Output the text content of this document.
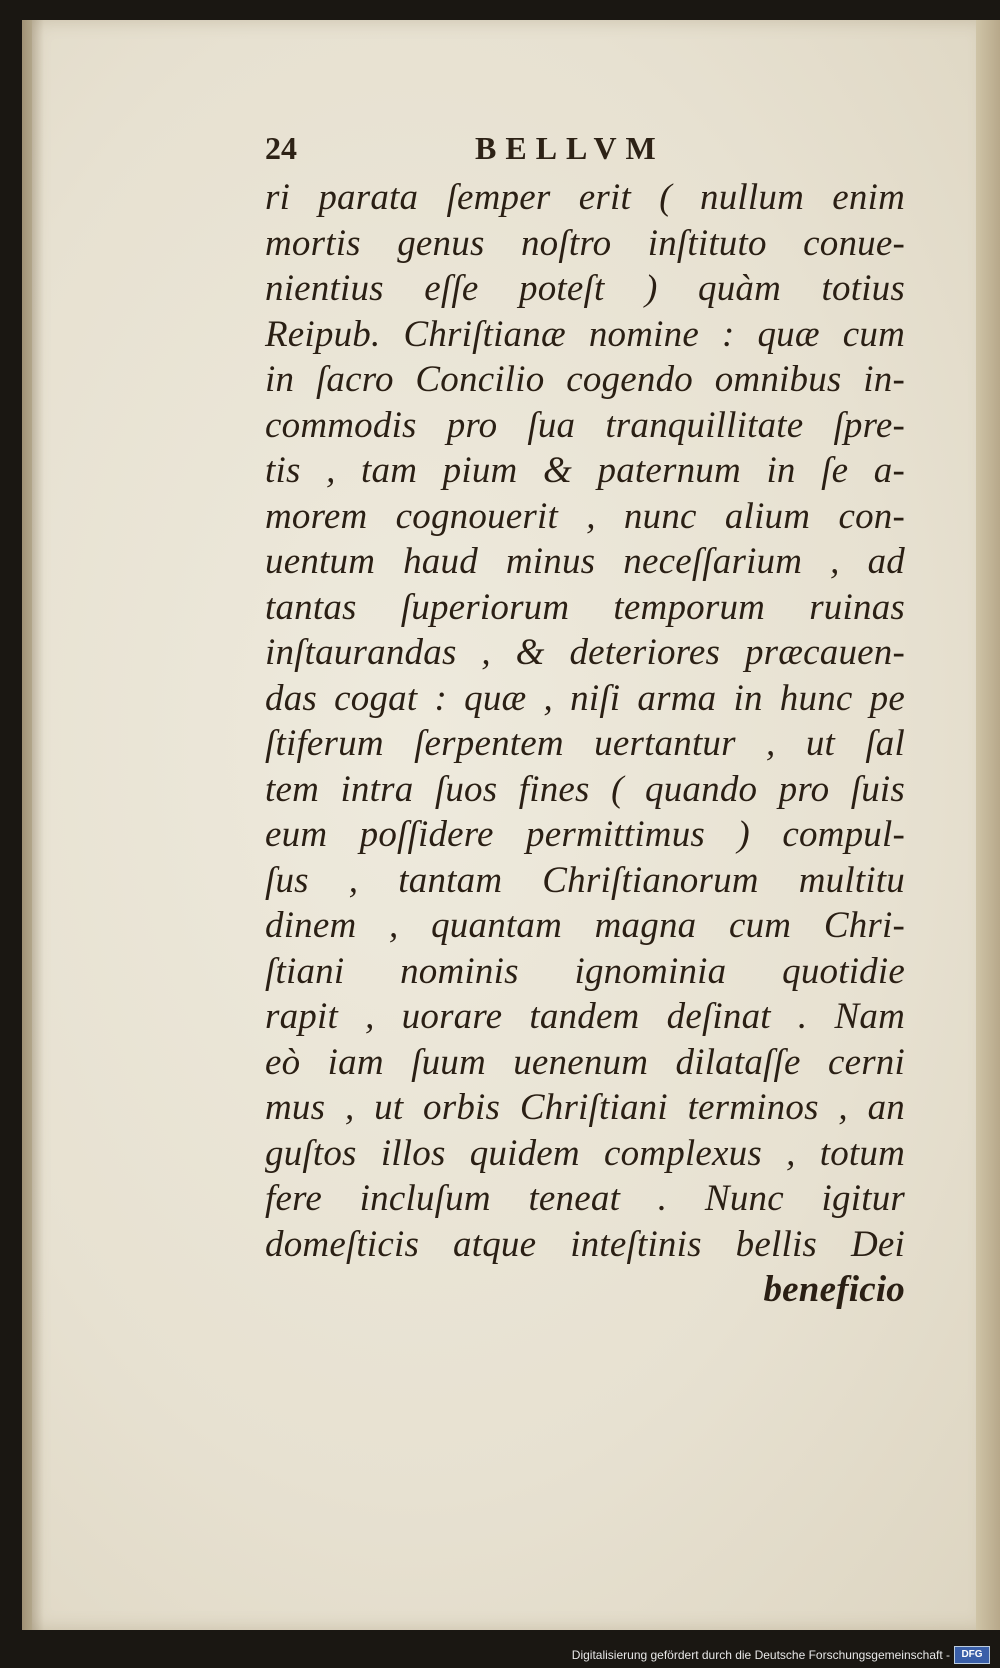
24	BELLVM
ri parata ſemper erit ( nullum enim
mortis genus noſtro inſtituto conue-
nientius eſſe poteſt ) quàm totius
Reipub. Chriſtianæ nomine : quæ cum
in ſacro Concilio cogendo omnibus in-
commodis pro ſua tranquillitate ſpre-
tis , tam pium & paternum in ſe a-
morem cognouerit , nunc alium con-
uentum haud minus neceſſarium , ad
tantas ſuperiorum temporum ruinas
inſtaurandas , & deteriores præcauen-
das cogat : quæ , niſi arma in hunc pe
ſtiferum ſerpentem uertantur , ut ſal
tem intra ſuos fines ( quando pro ſuis
eum poſſidere permittimus ) compul-
ſus , tantam Chriſtianorum multitu
dinem , quantam magna cum Chri-
ſtiani nominis ignominia quotidie
rapit , uorare tandem deſinat . Nam
eò iam ſuum uenenum dilataſſe cerni
mus , ut orbis Chriſtiani terminos , an
guſtos illos quidem complexus , totum
fere incluſum teneat . Nunc igitur
domeſticis atque inteſtinis bellis Dei
beneficio
Digitalisierung gefördert durch die Deutsche Forschungsgemeinschaft -	DFG
